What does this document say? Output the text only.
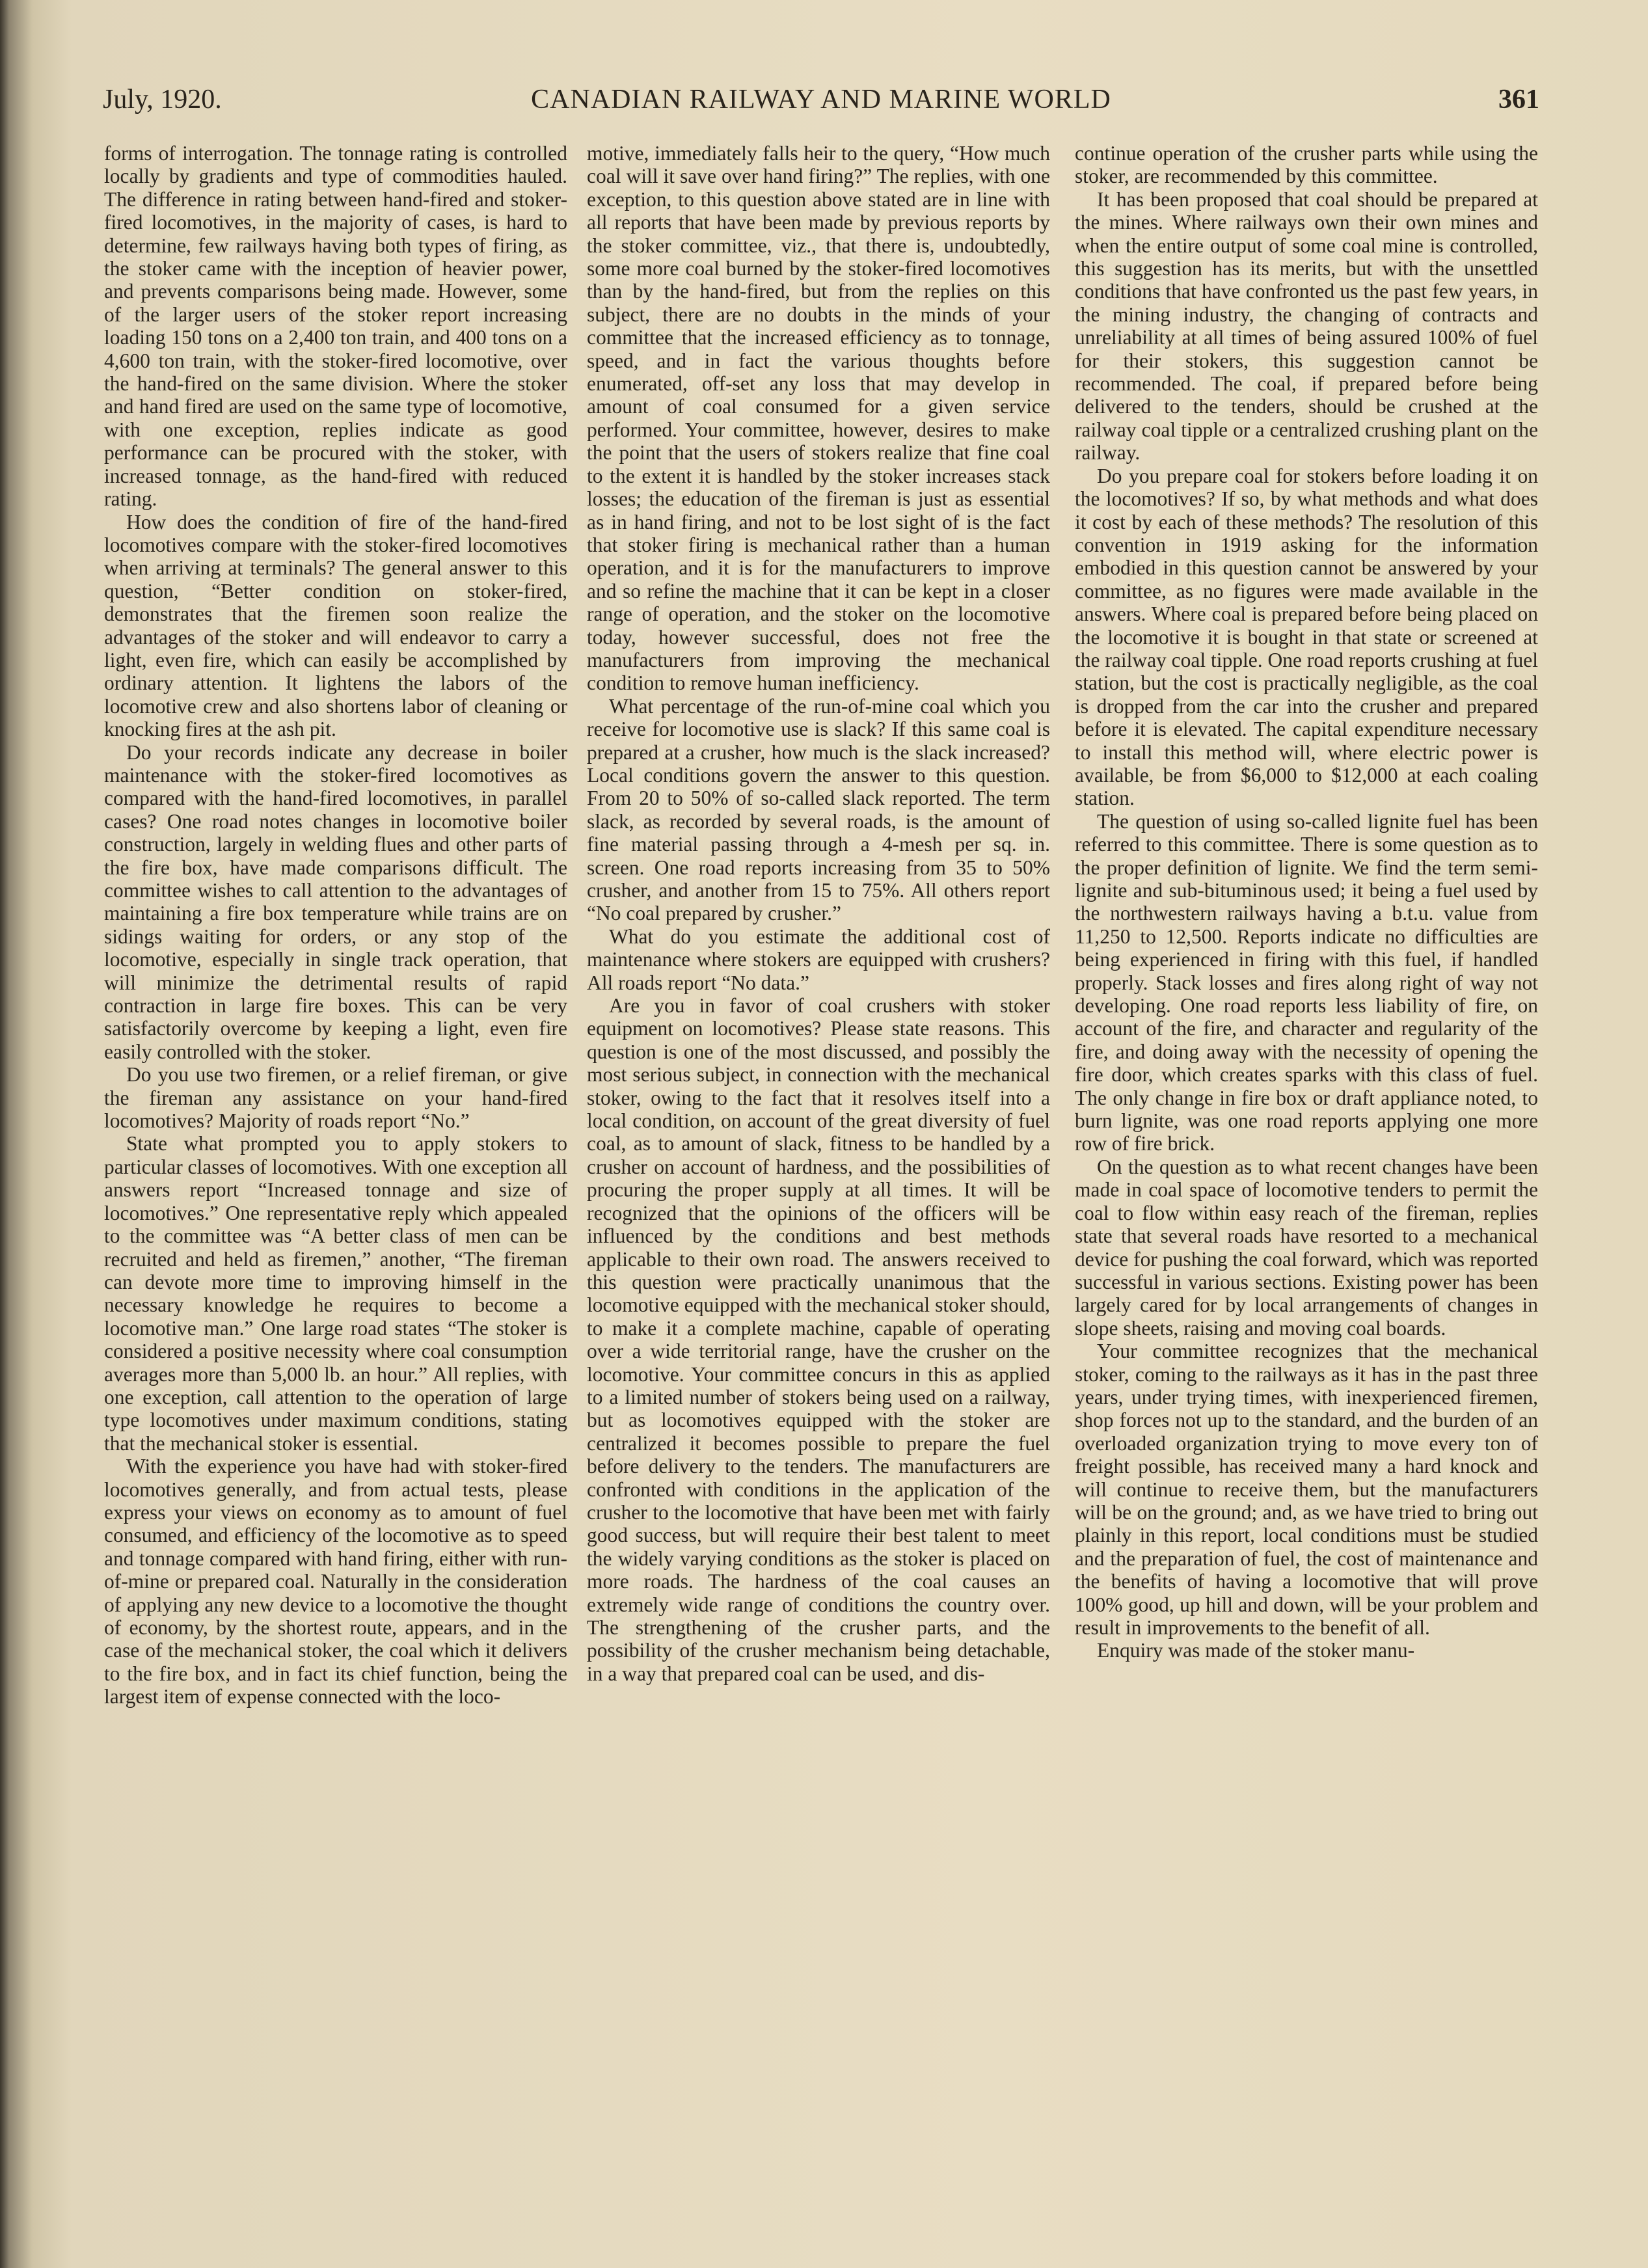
July, 1920.	CANADIAN RAILWAY AND MARINE WORLD	361

forms of interrogation. The tonnage rating is controlled locally by gradients and type of commodities hauled. The difference in rating between hand-fired and stoker-fired locomotives, in the majority of cases, is hard to determine, few railways having both types of firing, as the stoker came with the inception of heavier power, and prevents comparisons being made. However, some of the larger users of the stoker report increasing loading 150 tons on a 2,400 ton train, and 400 tons on a 4,600 ton train, with the stoker-fired locomotive, over the hand-fired on the same division. Where the stoker and hand fired are used on the same type of locomotive, with one exception, replies indicate as good performance can be procured with the stoker, with increased tonnage, as the hand-fired with reduced rating.

How does the condition of fire of the hand-fired locomotives compare with the stoker-fired locomotives when arriving at terminals? The general answer to this question, “Better condition on stoker-fired, demonstrates that the firemen soon realize the advantages of the stoker and will endeavor to carry a light, even fire, which can easily be accomplished by ordinary attention. It lightens the labors of the locomotive crew and also shortens labor of cleaning or knocking fires at the ash pit.

Do your records indicate any decrease in boiler maintenance with the stoker-fired locomotives as compared with the hand-fired locomotives, in parallel cases? One road notes changes in locomotive boiler construction, largely in welding flues and other parts of the fire box, have made comparisons difficult. The committee wishes to call attention to the advantages of maintaining a fire box temperature while trains are on sidings waiting for orders, or any stop of the locomotive, especially in single track operation, that will minimize the detrimental results of rapid contraction in large fire boxes. This can be very satisfactorily overcome by keeping a light, even fire easily controlled with the stoker.

Do you use two firemen, or a relief fireman, or give the fireman any assistance on your hand-fired locomotives? Majority of roads report “No.”

State what prompted you to apply stokers to particular classes of locomotives. With one exception all answers report “Increased tonnage and size of locomotives.” One representative reply which appealed to the committee was “A better class of men can be recruited and held as firemen,” another, “The fireman can devote more time to improving himself in the necessary knowledge he requires to become a locomotive man.” One large road states “The stoker is considered a positive necessity where coal consumption averages more than 5,000 lb. an hour.” All replies, with one exception, call attention to the operation of large type locomotives under maximum conditions, stating that the mechanical stoker is essential.

With the experience you have had with stoker-fired locomotives generally, and from actual tests, please express your views on economy as to amount of fuel consumed, and efficiency of the locomotive as to speed and tonnage compared with hand firing, either with run-of-mine or prepared coal. Naturally in the consideration of applying any new device to a locomotive the thought of economy, by the shortest route, appears, and in the case of the mechanical stoker, the coal which it delivers to the fire box, and in fact its chief function, being the largest item of expense connected with the loco-

motive, immediately falls heir to the query, “How much coal will it save over hand firing?” The replies, with one exception, to this question above stated are in line with all reports that have been made by previous reports by the stoker committee, viz., that there is, undoubtedly, some more coal burned by the stoker-fired locomotives than by the hand-fired, but from the replies on this subject, there are no doubts in the minds of your committee that the increased efficiency as to tonnage, speed, and in fact the various thoughts before enumerated, off-set any loss that may develop in amount of coal consumed for a given service performed. Your committee, however, desires to make the point that the users of stokers realize that fine coal to the extent it is handled by the stoker increases stack losses; the education of the fireman is just as essential as in hand firing, and not to be lost sight of is the fact that stoker firing is mechanical rather than a human operation, and it is for the manufacturers to improve and so refine the machine that it can be kept in a closer range of operation, and the stoker on the locomotive today, however successful, does not free the manufacturers from improving the mechanical condition to remove human inefficiency.

What percentage of the run-of-mine coal which you receive for locomotive use is slack? If this same coal is prepared at a crusher, how much is the slack increased? Local conditions govern the answer to this question. From 20 to 50% of so-called slack reported. The term slack, as recorded by several roads, is the amount of fine material passing through a 4-mesh per sq. in. screen. One road reports increasing from 35 to 50% crusher, and another from 15 to 75%. All others report “No coal prepared by crusher.”

What do you estimate the additional cost of maintenance where stokers are equipped with crushers? All roads report “No data.”

Are you in favor of coal crushers with stoker equipment on locomotives? Please state reasons. This question is one of the most discussed, and possibly the most serious subject, in connection with the mechanical stoker, owing to the fact that it resolves itself into a local condition, on account of the great diversity of fuel coal, as to amount of slack, fitness to be handled by a crusher on account of hardness, and the possibilities of procuring the proper supply at all times. It will be recognized that the opinions of the officers will be influenced by the conditions and best methods applicable to their own road. The answers received to this question were practically unanimous that the locomotive equipped with the mechanical stoker should, to make it a complete machine, capable of operating over a wide territorial range, have the crusher on the locomotive. Your committee concurs in this as applied to a limited number of stokers being used on a railway, but as locomotives equipped with the stoker are centralized it becomes possible to prepare the fuel before delivery to the tenders. The manufacturers are confronted with conditions in the application of the crusher to the locomotive that have been met with fairly good success, but will require their best talent to meet the widely varying conditions as the stoker is placed on more roads. The hardness of the coal causes an extremely wide range of conditions the country over. The strengthening of the crusher parts, and the possibility of the crusher mechanism being detachable, in a way that prepared coal can be used, and dis-

continue operation of the crusher parts while using the stoker, are recommended by this committee.

It has been proposed that coal should be prepared at the mines. Where railways own their own mines and when the entire output of some coal mine is controlled, this suggestion has its merits, but with the unsettled conditions that have confronted us the past few years, in the mining industry, the changing of contracts and unreliability at all times of being assured 100% of fuel for their stokers, this suggestion cannot be recommended. The coal, if prepared before being delivered to the tenders, should be crushed at the railway coal tipple or a centralized crushing plant on the railway.

Do you prepare coal for stokers before loading it on the locomotives? If so, by what methods and what does it cost by each of these methods? The resolution of this convention in 1919 asking for the information embodied in this question cannot be answered by your committee, as no figures were made available in the answers. Where coal is prepared before being placed on the locomotive it is bought in that state or screened at the railway coal tipple. One road reports crushing at fuel station, but the cost is practically negligible, as the coal is dropped from the car into the crusher and prepared before it is elevated. The capital expenditure necessary to install this method will, where electric power is available, be from $6,000 to $12,000 at each coaling station.

The question of using so-called lignite fuel has been referred to this committee. There is some question as to the proper definition of lignite. We find the term semi-lignite and sub-bituminous used; it being a fuel used by the northwestern railways having a b.t.u. value from 11,250 to 12,500. Reports indicate no difficulties are being experienced in firing with this fuel, if handled properly. Stack losses and fires along right of way not developing. One road reports less liability of fire, on account of the fire, and character and regularity of the fire, and doing away with the necessity of opening the fire door, which creates sparks with this class of fuel. The only change in fire box or draft appliance noted, to burn lignite, was one road reports applying one more row of fire brick.

On the question as to what recent changes have been made in coal space of locomotive tenders to permit the coal to flow within easy reach of the fireman, replies state that several roads have resorted to a mechanical device for pushing the coal forward, which was reported successful in various sections. Existing power has been largely cared for by local arrangements of changes in slope sheets, raising and moving coal boards.

Your committee recognizes that the mechanical stoker, coming to the railways as it has in the past three years, under trying times, with inexperienced firemen, shop forces not up to the standard, and the burden of an overloaded organization trying to move every ton of freight possible, has received many a hard knock and will continue to receive them, but the manufacturers will be on the ground; and, as we have tried to bring out plainly in this report, local conditions must be studied and the preparation of fuel, the cost of maintenance and the benefits of having a locomotive that will prove 100% good, up hill and down, will be your problem and result in improvements to the benefit of all.

Enquiry was made of the stoker manu-
